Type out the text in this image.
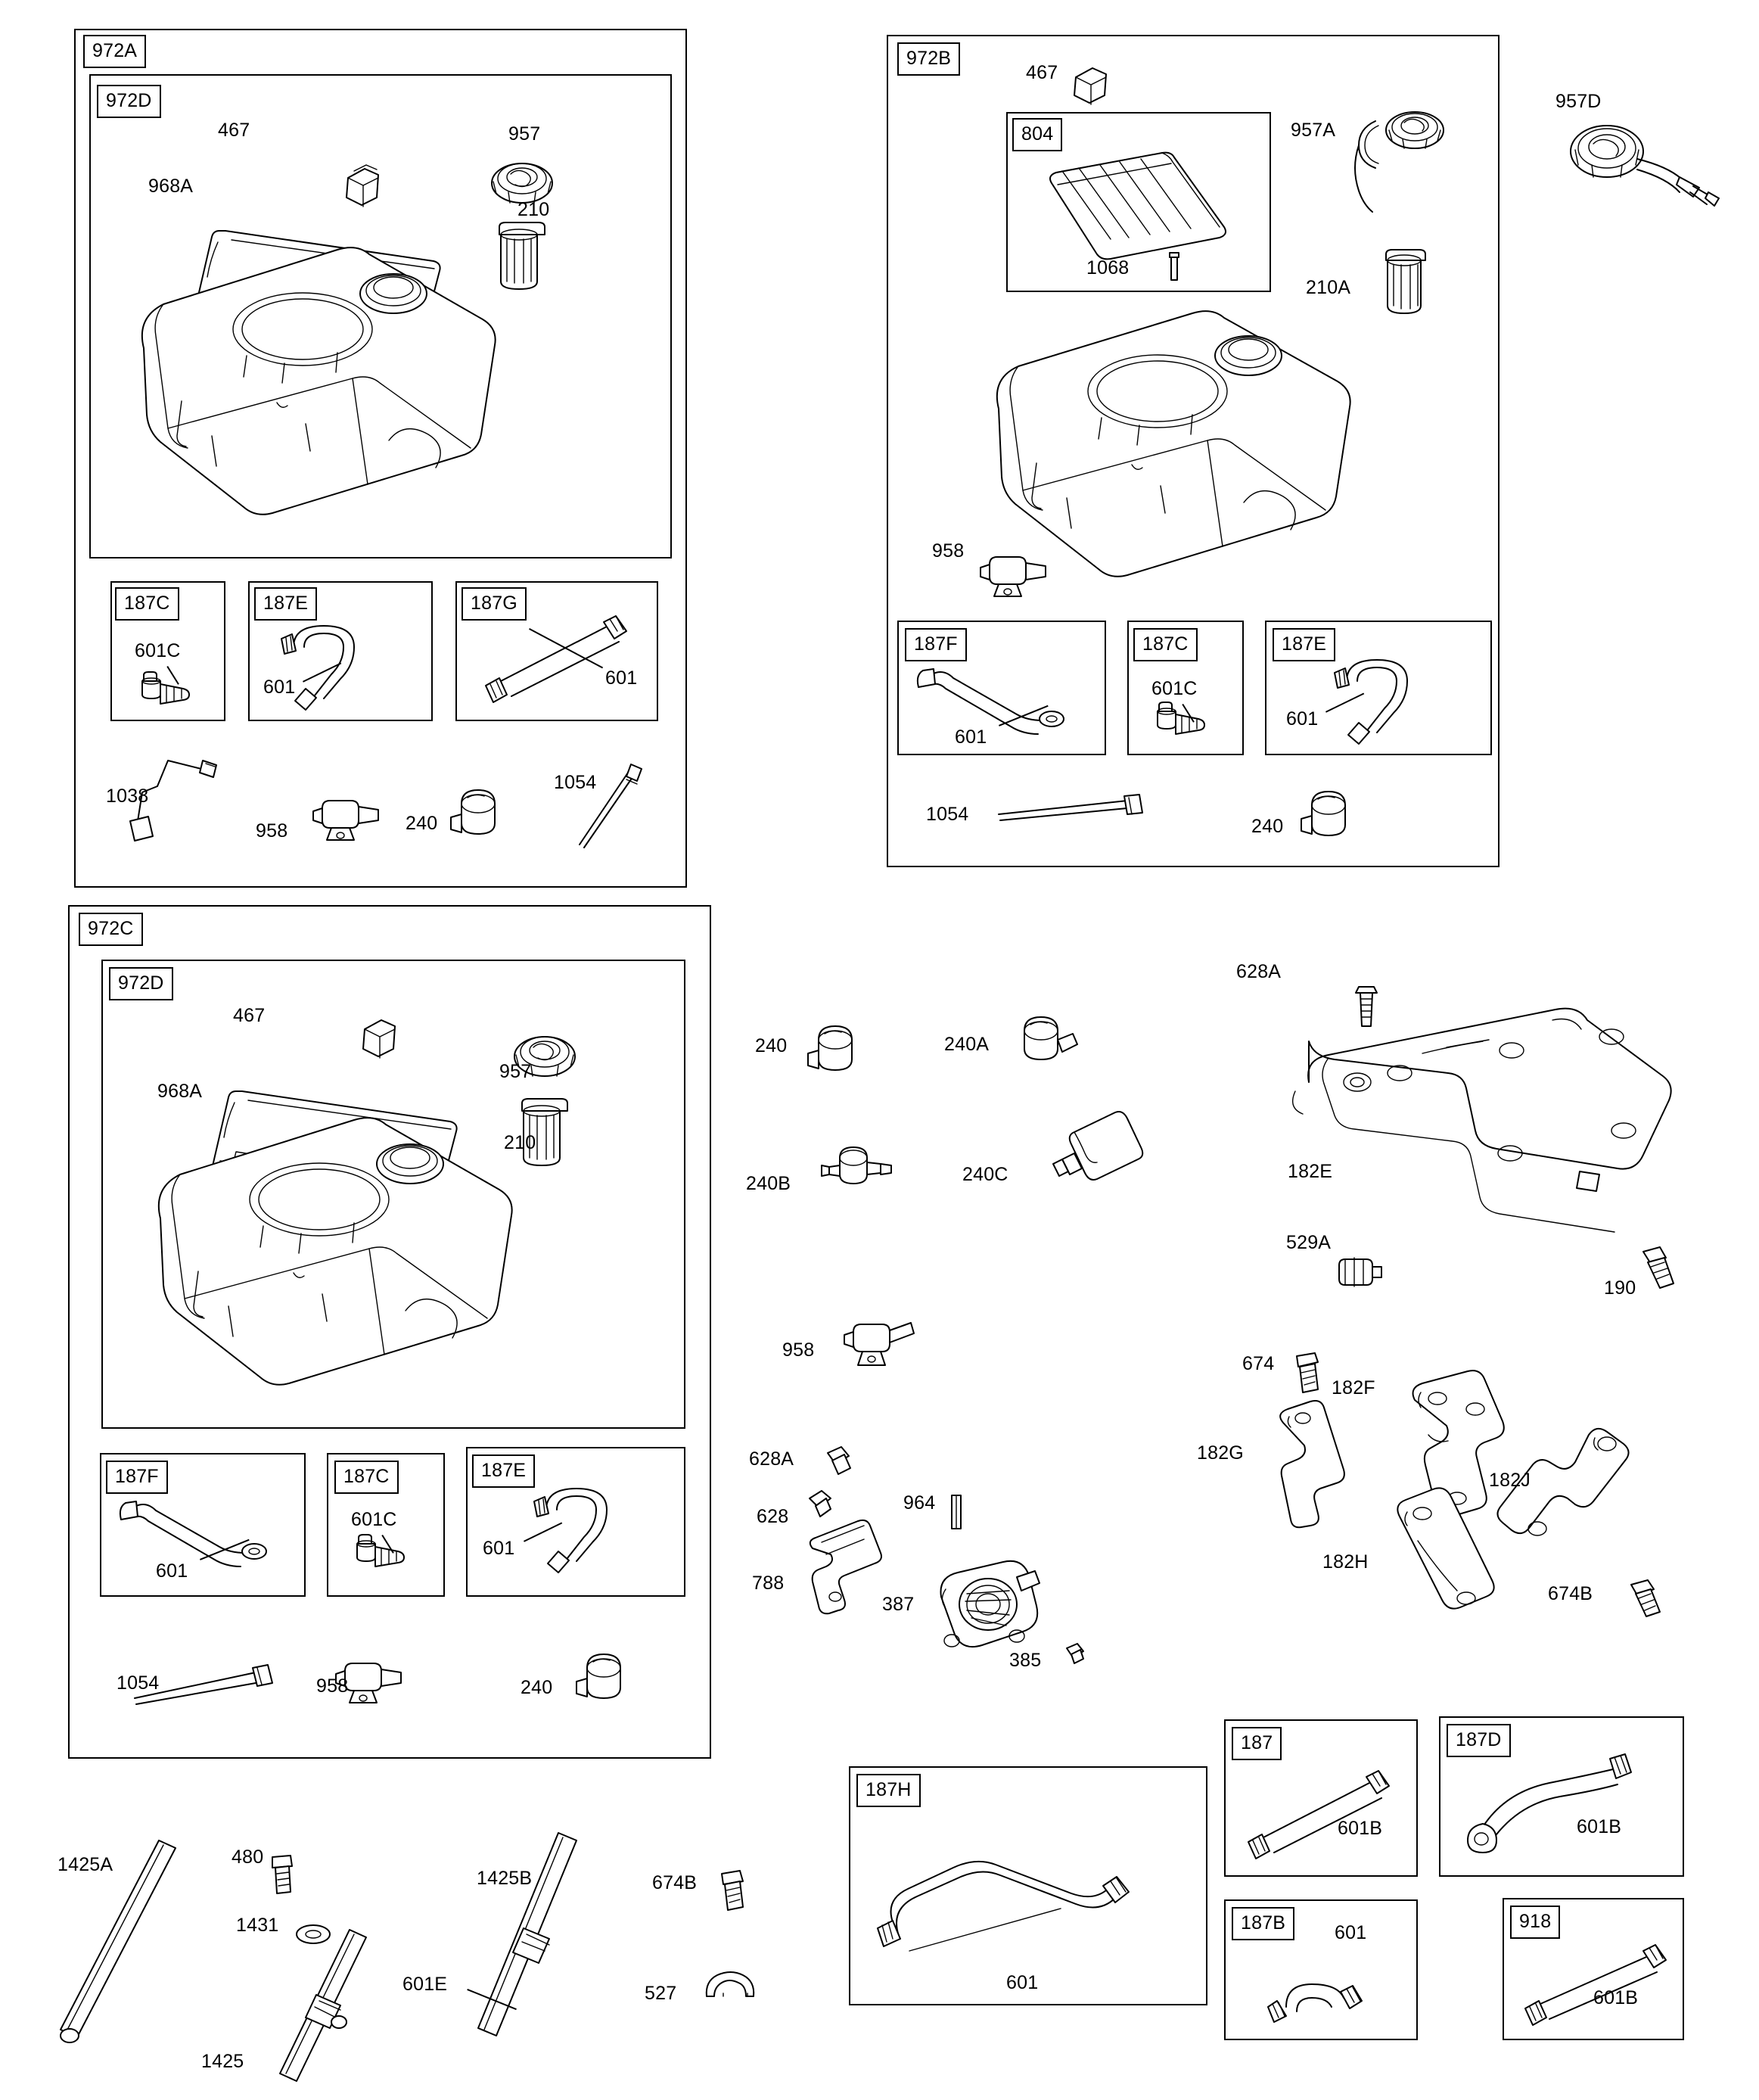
972A
972D
467	957
968A
210
187C
601C
187E
601
187G
601
1038
958	240
1054
972B
467
804
1068
957A
957D
210A
958
187F
601
187C
601C
187E
601
1054
240
972C
972D
467
968A
957
210
187F
601
187C
601C
187E
601
1054	958	240
240	240A
240B	240C
958
628A
182E
529A
190
674
182F
182G
182J
182H
674B
628A
628
788
964
387
385
187H
601
187
601B
187D
601B
187B	601
918
601B
1425A	480
1431
1425
1425B
601E
674B
527
